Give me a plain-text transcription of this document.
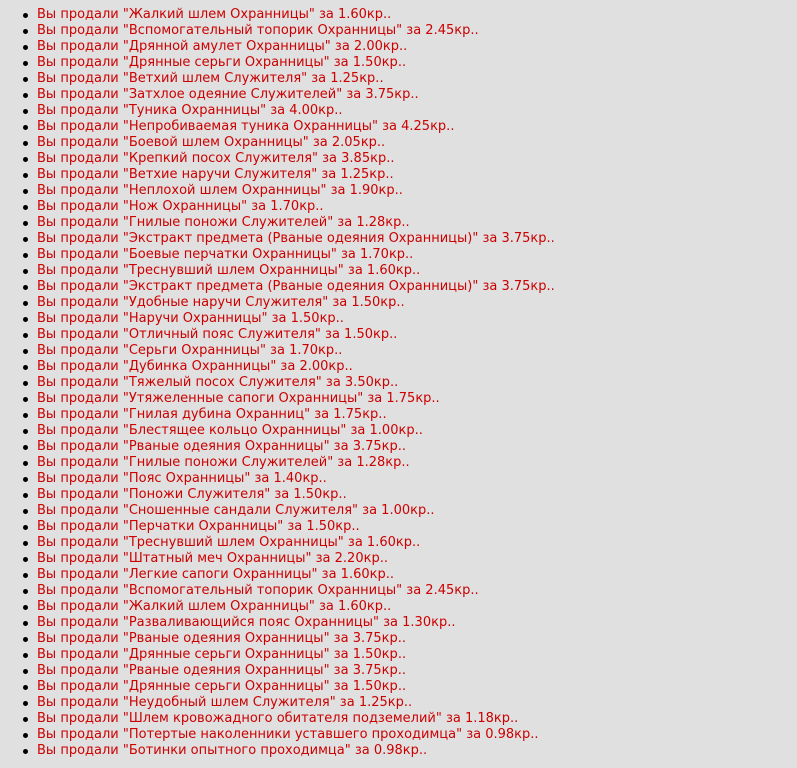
Вы продали "Жалкий шлем Охранницы" за 1.60кр..
Вы продали "Вспомогательный топорик Охранницы" за 2.45кр..
Вы продали "Дрянной амулет Охранницы" за 2.00кр..
Вы продали "Дрянные серьги Охранницы" за 1.50кр..
Вы продали "Ветхий шлем Служителя" за 1.25кр..
Вы продали "Затхлое одеяние Служителей" за 3.75кр..
Вы продали "Туника Охранницы" за 4.00кр..
Вы продали "Непробиваемая туника Охранницы" за 4.25кр..
Вы продали "Боевой шлем Охранницы" за 2.05кр..
Вы продали "Крепкий посох Служителя" за 3.85кр..
Вы продали "Ветхие наручи Служителя" за 1.25кр..
Вы продали "Неплохой шлем Охранницы" за 1.90кр..
Вы продали "Нож Охранницы" за 1.70кр..
Вы продали "Гнилые поножи Служителей" за 1.28кр..
Вы продали "Экстракт предмета (Рваные одеяния Охранницы)" за 3.75кр..
Вы продали "Боевые перчатки Охранницы" за 1.70кр..
Вы продали "Треснувший шлем Охранницы" за 1.60кр..
Вы продали "Экстракт предмета (Рваные одеяния Охранницы)" за 3.75кр..
Вы продали "Удобные наручи Служителя" за 1.50кр..
Вы продали "Наручи Охранницы" за 1.50кр..
Вы продали "Отличный пояс Служителя" за 1.50кр..
Вы продали "Серьги Охранницы" за 1.70кр..
Вы продали "Дубинка Охранницы" за 2.00кр..
Вы продали "Тяжелый посох Служителя" за 3.50кр..
Вы продали "Утяжеленные сапоги Охранницы" за 1.75кр..
Вы продали "Гнилая дубина Охранниц" за 1.75кр..
Вы продали "Блестящее кольцо Охранницы" за 1.00кр..
Вы продали "Рваные одеяния Охранницы" за 3.75кр..
Вы продали "Гнилые поножи Служителей" за 1.28кр..
Вы продали "Пояс Охранницы" за 1.40кр..
Вы продали "Поножи Служителя" за 1.50кр..
Вы продали "Сношенные сандали Служителя" за 1.00кр..
Вы продали "Перчатки Охранницы" за 1.50кр..
Вы продали "Треснувший шлем Охранницы" за 1.60кр..
Вы продали "Штатный меч Охранницы" за 2.20кр..
Вы продали "Легкие сапоги Охранницы" за 1.60кр..
Вы продали "Вспомогательный топорик Охранницы" за 2.45кр..
Вы продали "Жалкий шлем Охранницы" за 1.60кр..
Вы продали "Разваливающийся пояс Охранницы" за 1.30кр..
Вы продали "Рваные одеяния Охранницы" за 3.75кр..
Вы продали "Дрянные серьги Охранницы" за 1.50кр..
Вы продали "Рваные одеяния Охранницы" за 3.75кр..
Вы продали "Дрянные серьги Охранницы" за 1.50кр..
Вы продали "Неудобный шлем Служителя" за 1.25кр..
Вы продали "Шлем кровожадного обитателя подземелий" за 1.18кр..
Вы продали "Потертые наколенники уставшего проходимца" за 0.98кр..
Вы продали "Ботинки опытного проходимца" за 0.98кр..
